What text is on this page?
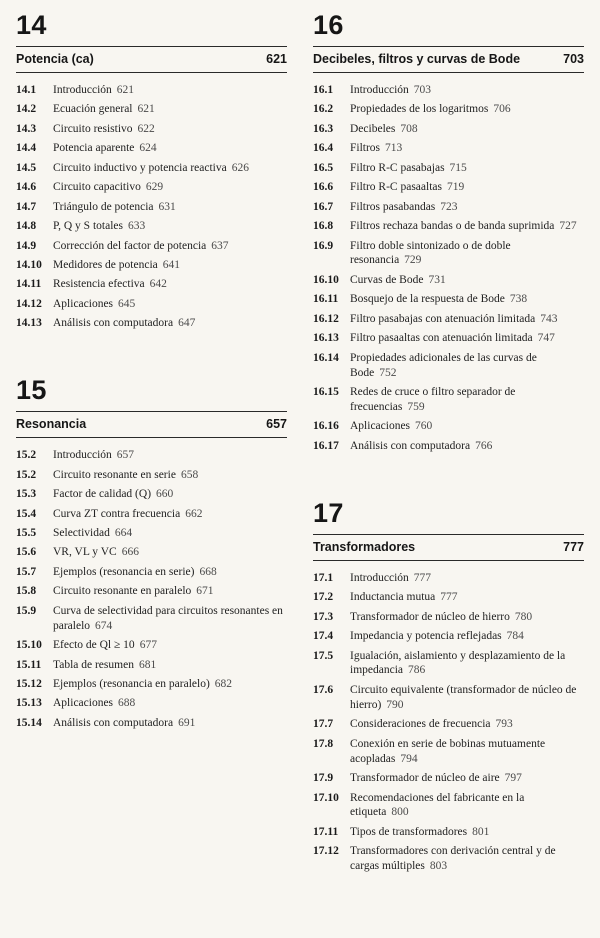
14
Potencia (ca)	621
14.1	Introducción 621
14.2	Ecuación general 621
14.3	Circuito resistivo 622
14.4	Potencia aparente 624
14.5	Circuito inductivo y potencia reactiva 626
14.6	Circuito capacitivo 629
14.7	Triángulo de potencia 631
14.8	P, Q y S totales 633
14.9	Corrección del factor de potencia 637
14.10 Medidores de potencia 641
14.11	Resistencia efectiva 642
14.12 Aplicaciones 645
14.13 Análisis con computadora 647
15
Resonancia	657
15.2	Introducción 657
15.2	Circuito resonante en serie 658
15.3	Factor de calidad (Q) 660
15.4	Curva ZT contra frecuencia 662
15.5	Selectividad 664
15.6	VR, VL y VC 666
15.7	Ejemplos (resonancia en serie) 668
15.8	Circuito resonante en paralelo 671
15.9	Curva de selectividad para circuitos resonantes en paralelo 674
15.10 Efecto de Ql ≥ 10 677
15.11	Tabla de resumen 681
15.12 Ejemplos (resonancia en paralelo) 682
15.13 Aplicaciones 688
15.14 Análisis con computadora 691
16
Decibeles, filtros y curvas de Bode	703
16.1	Introducción 703
16.2	Propiedades de los logaritmos 706
16.3	Decibeles 708
16.4	Filtros 713
16.5	Filtro R-C pasabajas 715
16.6	Filtro R-C pasaaltas 719
16.7	Filtros pasabandas 723
16.8	Filtros rechaza bandas o de banda suprimida 727
16.9	Filtro doble sintonizado o de doble resonancia 729
16.10 Curvas de Bode 731
16.11	Bosquejo de la respuesta de Bode 738
16.12 Filtro pasabajas con atenuación limitada 743
16.13 Filtro pasaaltas con atenuación limitada 747
16.14 Propiedades adicionales de las curvas de Bode 752
16.15 Redes de cruce o filtro separador de frecuencias 759
16.16 Aplicaciones 760
16.17 Análisis con computadora 766
17
Transformadores	777
17.1	Introducción 777
17.2	Inductancia mutua 777
17.3	Transformador de núcleo de hierro 780
17.4	Impedancia y potencia reflejadas 784
17.5	Igualación, aislamiento y desplazamiento de la impedancia 786
17.6	Circuito equivalente (transformador de núcleo de hierro) 790
17.7	Consideraciones de frecuencia 793
17.8	Conexión en serie de bobinas mutuamente acopladas 794
17.9	Transformador de núcleo de aire 797
17.10 Recomendaciones del fabricante en la etiqueta 800
17.11	Tipos de transformadores 801
17.12 Transformadores con derivación central y de cargas múltiples 803
